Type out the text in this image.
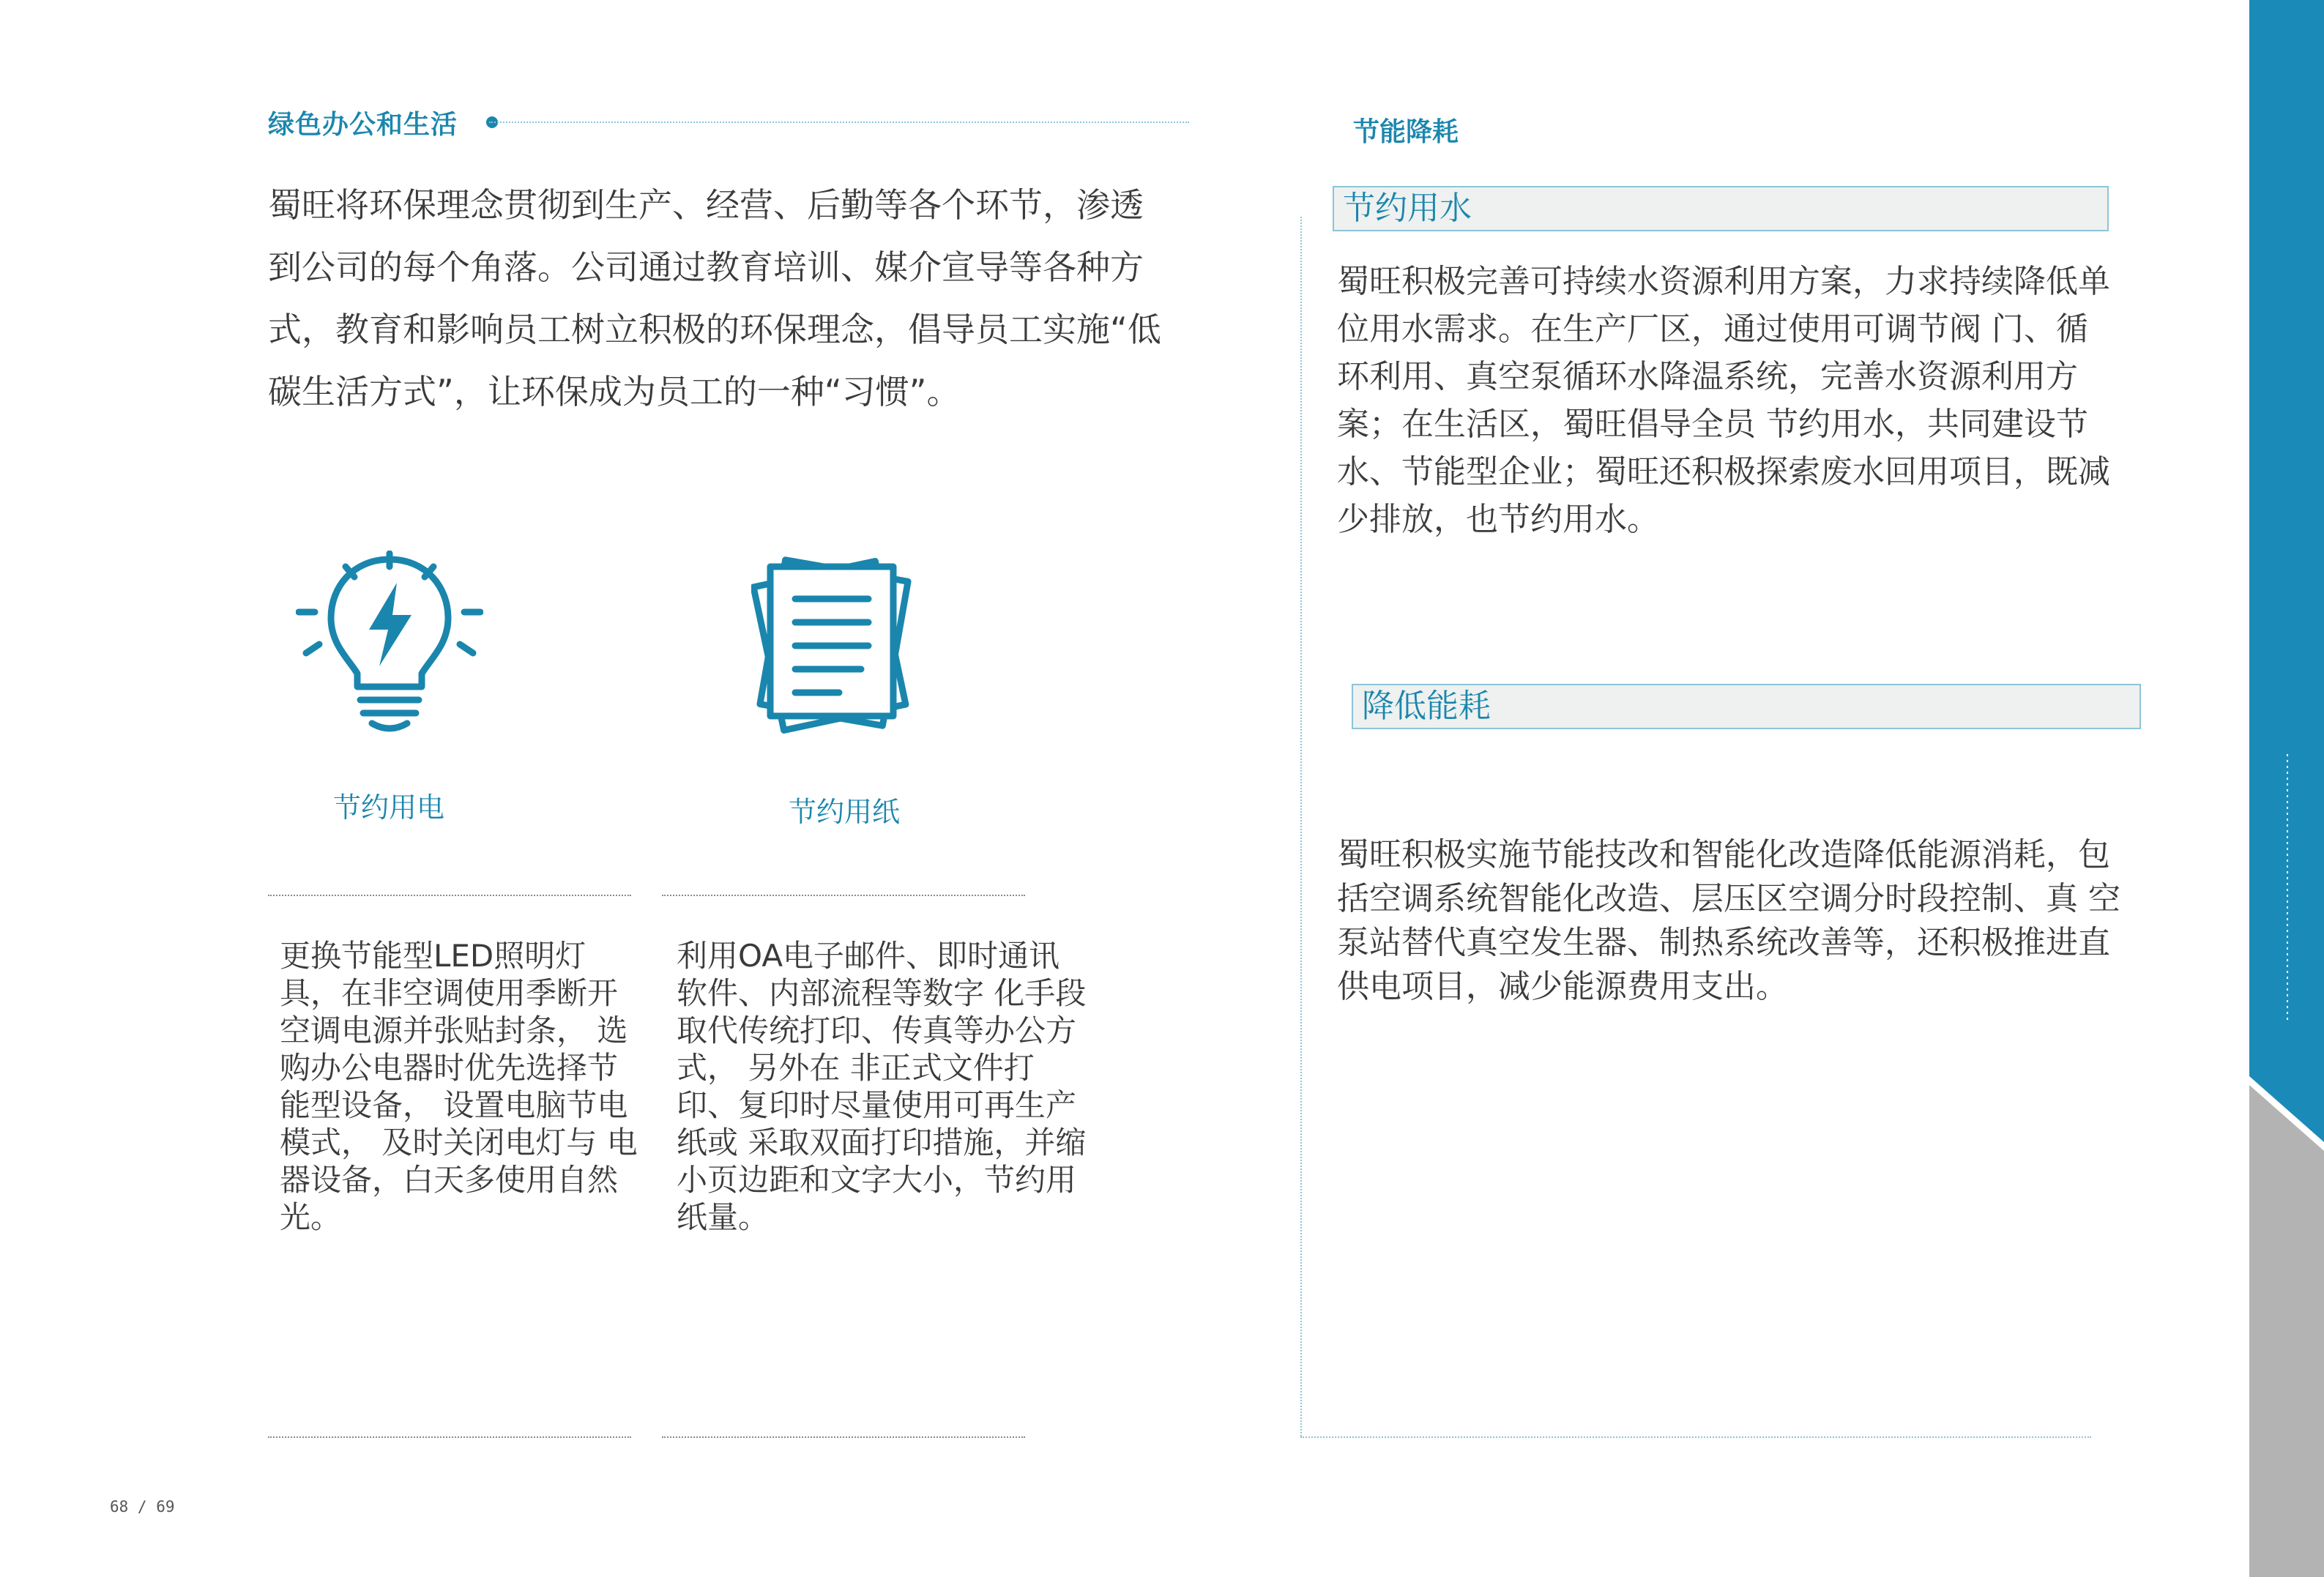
绿色办公和生活
蜀旺将环保理念贯彻到生产、经营、后勤等各个环节，渗透到公司的每个角落。公司通过教育培训、媒介宣导等各种方式，教育和影响员工树立积极的环保理念，倡导员工实施“低碳生活方式”，让环保成为员工的一种“习惯”。
节约用电	节约用纸
更换节能型LED照明灯具，在非空调使用季断开空调电源并张贴封条， 选购办公电器时优先选择节能型设备， 设置电脑节电模式， 及时关闭电灯与 电器设备，白天多使用自然光。
利用OA电子邮件、即时通讯软件、内部流程等数字 化手段取代传统打印、传真等办公方式， 另外在 非正式文件打印、复印时尽量使用可再生产纸或 采取双面打印措施，并缩小页边距和文字大小，节约用纸量。
节能降耗
节约用水
蜀旺积极完善可持续水资源利用方案，力求持续降低单位用水需求。在生产厂区，通过使用可调节阀 门、循环利用、真空泵循环水降温系统，完善水资源利用方案；在生活区，蜀旺倡导全员 节约用水，共同建设节水、节能型企业；蜀旺还积极探索废水回用项目，既减少排放，也节约用水。
降低能耗
蜀旺积极实施节能技改和智能化改造降低能源消耗，包括空调系统智能化改造、层压区空调分时段控制、真 空泵站替代真空发生器、制热系统改善等，还积极推进直供电项目，减少能源费用支出。
68 / 69
